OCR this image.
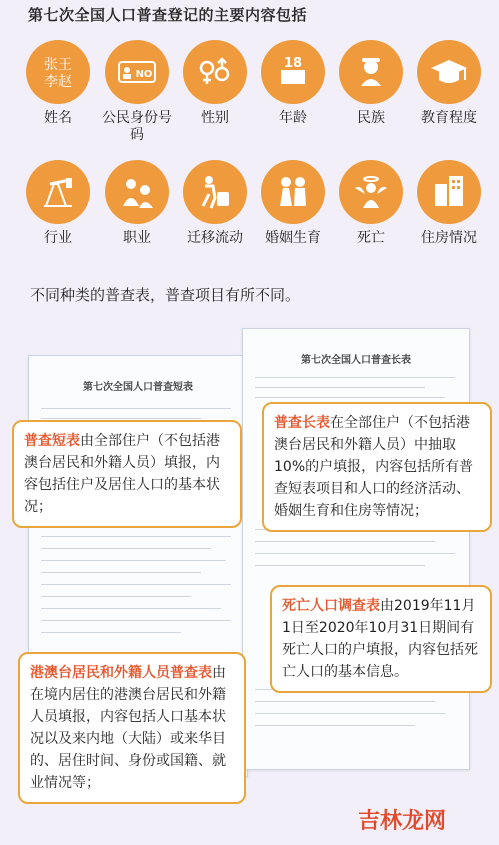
第七次全国人口普查登记的主要内容包括
张王
李赵
姓名
NO
公民身份号码
性别
18
年龄	民族	教育程度
行业	职业	迁移流动	婚姻生育	死亡	住房情况
不同种类的普查表，普查项目有所不同。
第七次全国人口普查短表
第七次全国人口普查长表
普查短表由全部住户（不包括港澳台居民和外籍人员）填报，内容包括住户及居住人口的基本状况；
普查长表在全部住户（不包括港澳台居民和外籍人员）中抽取10%的户填报，内容包括所有普查短表项目和人口的经济活动、婚姻生育和住房等情况；
死亡人口调查表由2019年11月1日至2020年10月31日期间有死亡人口的户填报，内容包括死亡人口的基本信息。
港澳台居民和外籍人员普查表由在境内居住的港澳台居民和外籍人员填报，内容包括人口基本状况以及来内地（大陆）或来华目的、居住时间、身份或国籍、就业情况等；
吉林龙网
